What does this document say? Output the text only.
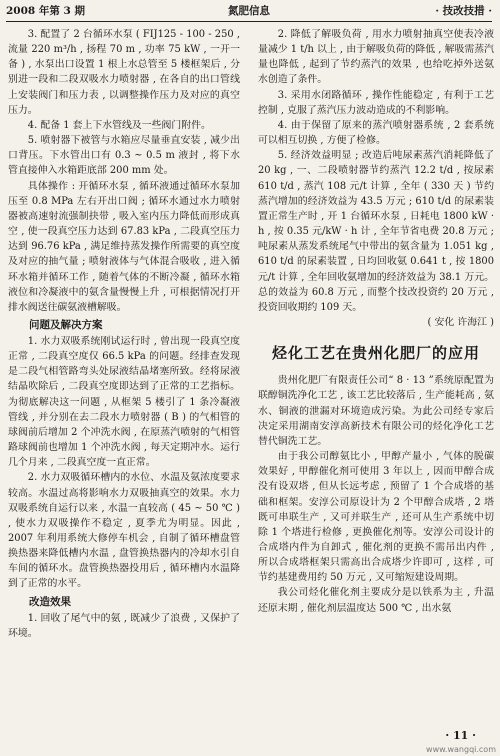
2008 年第 3 期	氮肥信息	· 技改技措 ·

3. 配置了 2 台循环水泵 ( FIJ125 - 100 - 250 , 流量 220 m³/h , 扬程 70 m , 功率 75 kW , 一开一备 ) , 水泵出口设置 1 根上水总管至 5 楼框架后 , 分别进一段和二段双吸水力喷射器 , 在各自的出口管线上安装阀门和压力表 , 以调整操作压力及对应的真空压力。

4. 配备 1 套上下水管线及一些阀门附件。

5. 喷射器下被管与水箱应尽量垂直安装 , 减少出口背压。下水管出口有 0.3 ~ 0.5 m 液封 , 将下水管直接伸入水箱距底部 200 mm 处。

具体操作 : 开循环水泵 , 循环液通过循环水泵加压至 0.8 MPa 左右开出口阀 ; 循环水通过水力喷射器被高速射流强制抉带 , 吸入室内压力降低而形成真空 , 使一段真空压力达到 67.83 kPa , 二段真空压力达到 96.76 kPa , 满足维持蒸发操作所需要的真空度及对应的抽气量 ; 喷射液体与气体混合吸收 , 进入循环水箱并循环工作 , 随着气体的不断冷凝 , 循环水箱液位和冷凝液中的氨含量慢慢上升 , 可根据情况打开排水阀送往碳氨液槽解吸。

问题及解决方案

1. 水力双吸系统刚试运行时 , 曾出现一段真空度正常 , 二段真空度仅 66.5 kPa 的问题。经排查发现是二段气相管路弯头处尿液结晶堵塞所致。经将尿液结晶吹除后 , 二段真空度即达到了正常的工艺指标。为彻底解决这一问题 , 从框架 5 楼引了 1 条冷凝液管线 , 并分别在去二段水力喷射器 ( B ) 的气相管的球阀前后增加 2 个冲洗水阀 , 在原蒸汽喷射的气相管路球阀前也增加 1 个冲洗水阀 , 每天定期冲水。运行几个月来 , 二段真空度一直正常。

2. 水力双吸循环槽内的水位、水温及氨浓度要求较高。水温过高将影响水力双吸抽真空的效果。水力双吸系统自运行以来 , 水温一直较高 ( 45 ~ 50 ℃ ) , 使水力双吸操作不稳定 , 夏季尤为明显。因此 , 2007 年利用系统大修停车机会 , 自制了循环槽盘管换热器来降低槽内水温 , 盘管换热器内的冷却水引自车间的循环水。盘管换热器投用后 , 循环槽内水温降到了正常的水平。

改造效果

1. 回收了尾气中的氨 , 既减少了浪费 , 又保护了环境。

2. 降低了解吸负荷 , 用水力喷射抽真空使表冷液量减少 1 t/h 以上 , 由于解吸负荷的降低 , 解吸需蒸汽量也降低 , 起到了节约蒸汽的效果 , 也给吃掉外送氨水创造了条件。

3. 采用水闭路循环 , 操作性能稳定 , 有利于工艺控制 , 克服了蒸汽压力波动造成的不利影响。

4. 由于保留了原来的蒸汽喷射器系统 , 2 套系统可以相互切换 , 方便了检修。

5. 经济效益明显 ; 改造后吨尿素蒸汽消耗降低了 20 kg , 一、二段喷射器节约蒸汽 12.2 t/d , 按尿素 610 t/d , 蒸汽 108 元/t 计算 , 全年 ( 330 天 ) 节约蒸汽增加的经济效益为 43.5 万元 ; 610 t/d 的尿素装置正常生产时 , 开 1 台循环水泵 , 日耗电 1800 kW · h , 按 0.35 元/kW · h 计 , 全年节省电费 20.8 万元 ; 吨尿素从蒸发系统尾气中带出的氨含量为 1.051 kg , 610 t/d 的尿素装置 , 日均回收氨 0.641 t , 按 1800 元/t 计算 , 全年回收氨增加的经济效益为 38.1 万元。总的效益为 60.8 万元 , 而整个技改投资约 20 万元 , 投资回收期约 109 天。

( 安化 许海江 )

烃化工艺在贵州化肥厂的应用

贵州化肥厂有限责任公司“ 8 · 13 ”系统原配置为联醇铜洗净化工艺 , 该工艺比较落后 , 生产能耗高 , 氨水、铜液的泄漏对环境造成污染。为此公司经专家后决定采用湖南安淳高新技术有限公司的烃化净化工艺替代铜洗工艺。

由于我公司醇氨比小 , 甲醇产量小 , 气体的脱碳效果好 , 甲醇催化剂可使用 3 年以上 , 因而甲醇合成没有设双塔 , 但从长远考虑 , 预留了 1 个合成塔的基础和框架。安淳公司原设计为 2 个甲醇合成塔 , 2 塔既可串联生产 , 又可并联生产 , 还可从生产系统中切除 1 个塔进行检修 , 更换催化剂等。安淳公司设计的合成塔内件为自卸式 , 催化剂的更换不需吊出内件 , 所以合成塔框架只需高出合成塔少许即可 , 这样 , 可节约基建费用约 50 万元 , 又可缩短建设周期。

我公司烃化催化剂主要成分是以铁系为主 , 升温还原末期 , 催化剂层温度达 500 ℃ , 出水氨

· 11 ·
www.wangqi.com
